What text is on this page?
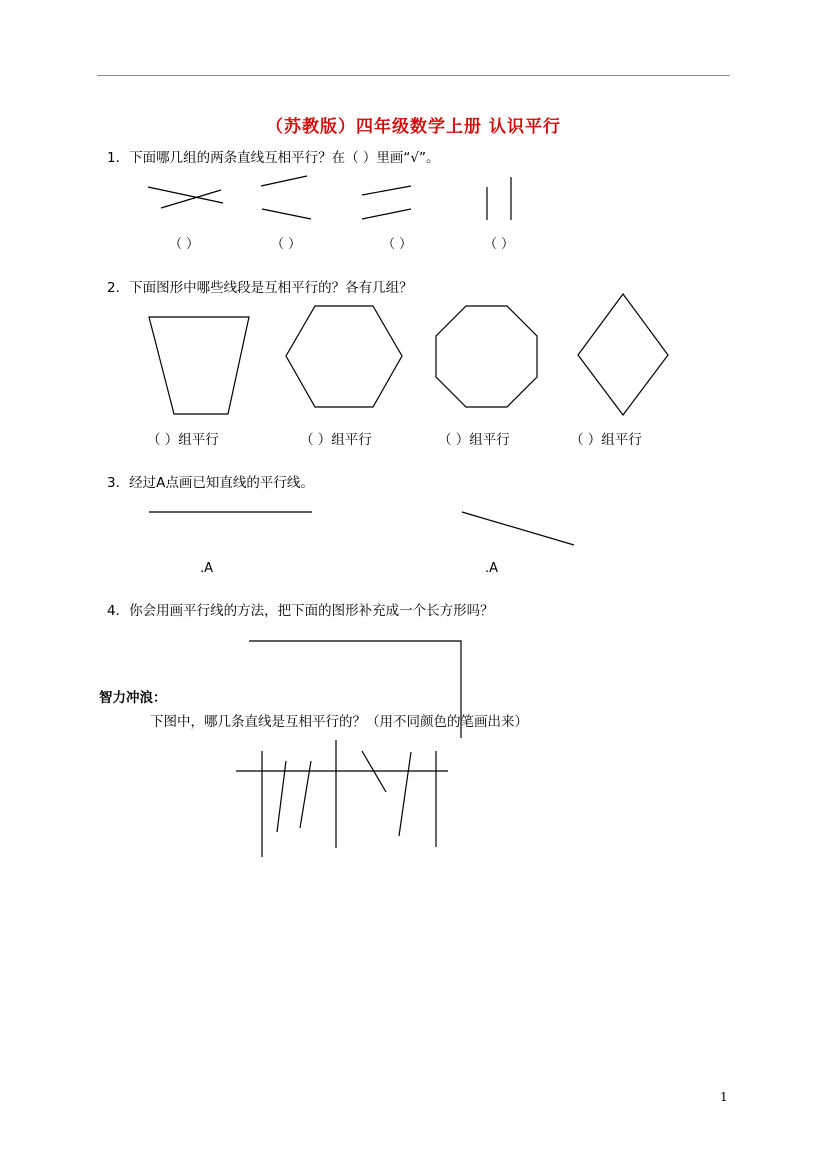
（苏教版）四年级数学上册 认识平行
1．下面哪几组的两条直线互相平行？在（ ）里画“√”。
2．下面图形中哪些线段是互相平行的？各有几组？
3．经过A点画已知直线的平行线。
4．你会用画平行线的方法，把下面的图形补充成一个长方形吗？
（ ）	（ ）	（ ）	（ ）
（ ）组平行	（ ）组平行	（ ）组平行	（ ）组平行
.A	.A
智力冲浪：
下图中，哪几条直线是互相平行的？（用不同颜色的笔画出来）
1
